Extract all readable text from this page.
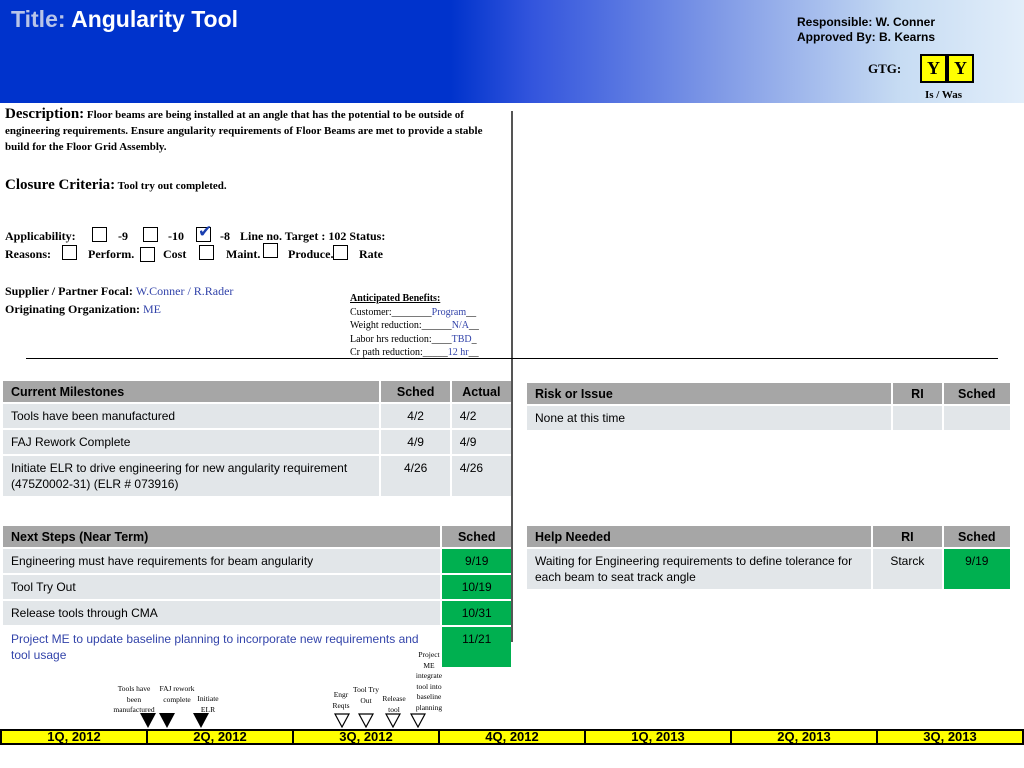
Title: Angularity Tool	Responsible: W. Conner
Approved By: B. Kearns
GTG:	Y Y
Is / Was
Description: Floor beams are being installed at an angle that has the potential to be outside of engineering requirements. Ensure angularity requirements of Floor Beams are met to provide a stable build for the Floor Grid Assembly.
Closure Criteria: Tool try out completed.
Applicability:	-9	-10 ✔	-8 Line no. Target : 102 Status:
Reasons:	Perform. Cost	Maint. Produce. Rate
Supplier / Partner Focal: W.Conner / R.Rader
Originating Organization: ME
Anticipated Benefits:
Customer:________Program__
Weight reduction:______N/A__
Labor hrs reduction:____TBD_
Cr path reduction:_____12 hr__
Current Milestones	Sched	Actual
Tools have been manufactured	4/2	4/2
FAJ Rework Complete	4/9	4/9
Initiate ELR to drive engineering for new angularity requirement (475Z0002-31) (ELR # 073916)	4/26	4/26
Risk or Issue	RI	Sched
None at this time		
Next Steps (Near Term)	Sched
Engineering must have requirements for beam angularity	9/19
Tool Try Out	10/19
Release tools through CMA	10/31
Project ME to update baseline planning to incorporate new requirements and tool usage	11/21
Help Needed	RI	Sched
Waiting for Engineering requirements to define tolerance for each beam to seat track angle	Starck	9/19
Tools have been manufactured
FAJ rework complete Initiate ELR
Engr Reqts
Tool Try Out	Release tool
Project ME integrate tool into baseline planning
1Q, 2012	2Q, 2012	3Q, 2012	4Q, 2012	1Q, 2013	2Q, 2013	3Q, 2013
